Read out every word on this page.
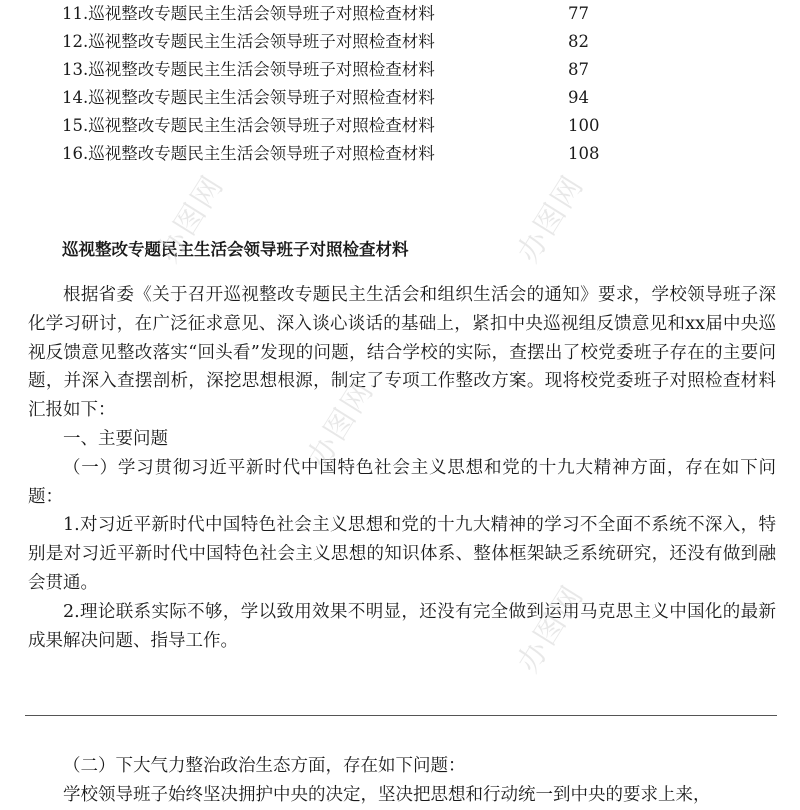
11.巡视整改专题民主生活会领导班子对照检查材料	77
12.巡视整改专题民主生活会领导班子对照检查材料	82
13.巡视整改专题民主生活会领导班子对照检查材料	87
14.巡视整改专题民主生活会领导班子对照检查材料	94
15.巡视整改专题民主生活会领导班子对照检查材料	100
16.巡视整改专题民主生活会领导班子对照检查材料	108
巡视整改专题民主生活会领导班子对照检查材料

根据省委《关于召开巡视整改专题民主生活会和组织生活会的通知》要求，学校领导班子深化学习研讨，在广泛征求意见、深入谈心谈话的基础上，紧扣中央巡视组反馈意见和xx届中央巡视反馈意见整改落实“回头看”发现的问题，结合学校的实际，查摆出了校党委班子存在的主要问题，并深入查摆剖析，深挖思想根源，制定了专项工作整改方案。现将校党委班子对照检查材料汇报如下：

一、主要问题

（一）学习贯彻习近平新时代中国特色社会主义思想和党的十九大精神方面，存在如下问题：

1.对习近平新时代中国特色社会主义思想和党的十九大精神的学习不全面不系统不深入，特别是对习近平新时代中国特色社会主义思想的知识体系、整体框架缺乏系统研究，还没有做到融会贯通。

2.理论联系实际不够，学以致用效果不明显，还没有完全做到运用马克思主义中国化的最新成果解决问题、指导工作。

（二）下大气力整治政治生态方面，存在如下问题：

学校领导班子始终坚决拥护中央的决定，坚决把思想和行动统一到中央的要求上来，

办图网	办图网
办图网
办图网
